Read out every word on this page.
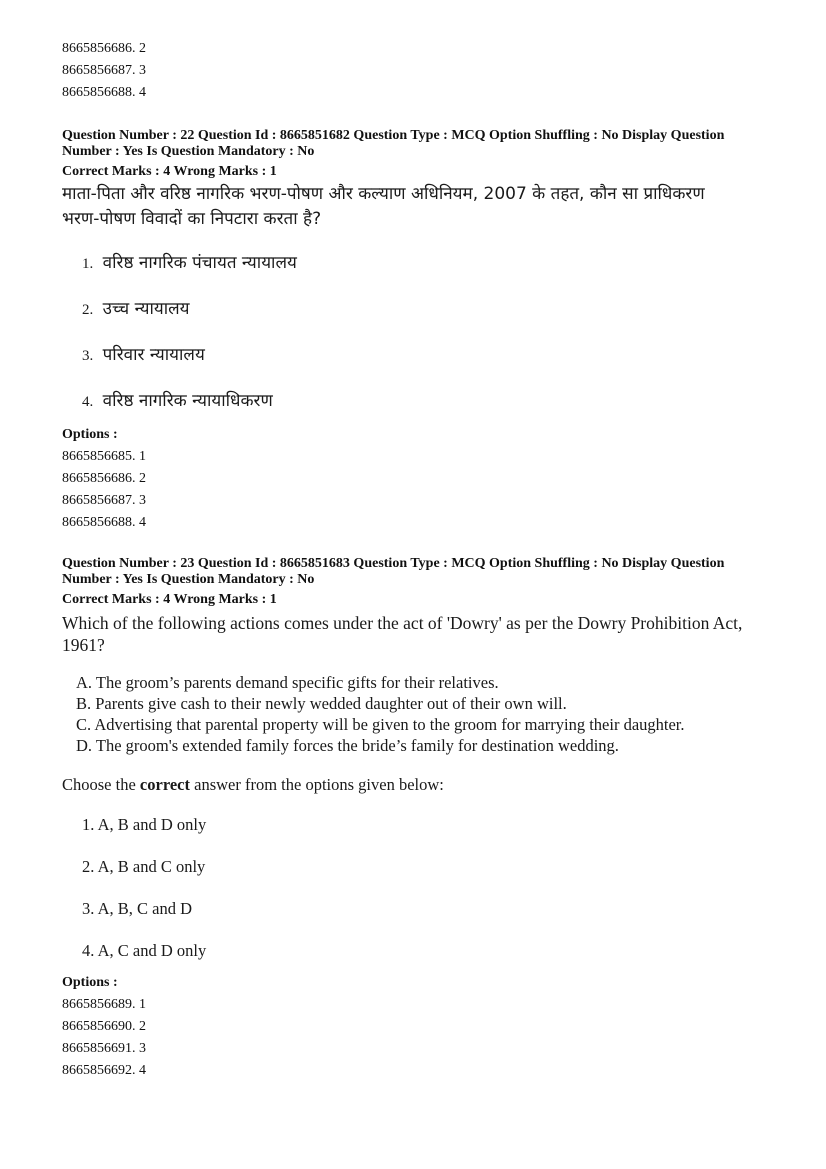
8665856686. 2
8665856687. 3
8665856688. 4
Question Number : 22 Question Id : 8665851682 Question Type : MCQ Option Shuffling : No Display Question
Number : Yes Is Question Mandatory : No
Correct Marks : 4 Wrong Marks : 1
माता-पिता और वरिष्ठ नागरिक भरण-पोषण और कल्याण अधिनियम, 2007 के तहत, कौन सा प्राधिकरण
भरण-पोषण विवादों का निपटारा करता है?
1. वरिष्ठ नागरिक पंचायत न्यायालय
2. उच्च न्यायालय
3. परिवार न्यायालय
4. वरिष्ठ नागरिक न्यायाधिकरण
Options :
8665856685. 1
8665856686. 2
8665856687. 3
8665856688. 4
Question Number : 23 Question Id : 8665851683 Question Type : MCQ Option Shuffling : No Display Question
Number : Yes Is Question Mandatory : No
Correct Marks : 4 Wrong Marks : 1
Which of the following actions comes under the act of 'Dowry' as per the Dowry Prohibition Act,
1961?
A. The groom’s parents demand specific gifts for their relatives.
B. Parents give cash to their newly wedded daughter out of their own will.
C. Advertising that parental property will be given to the groom for marrying their daughter.
D. The groom's extended family forces the bride’s family for destination wedding.
Choose the correct answer from the options given below:
1. A, B and D only
2. A, B and C only
3. A, B, C and D
4. A, C and D only
Options :
8665856689. 1
8665856690. 2
8665856691. 3
8665856692. 4
